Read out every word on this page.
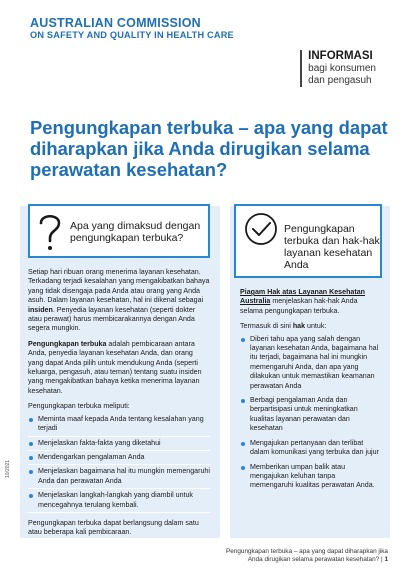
AUSTRALIAN COMMISSION
ON SAFETY AND QUALITY IN HEALTH CARE
INFORMASI
bagi konsumen
dan pengasuh
Pengungkapan terbuka – apa yang dapat diharapkan jika Anda dirugikan selama perawatan kesehatan?
Apa yang dimaksud dengan pengungkapan terbuka?
Pengungkapan terbuka dan hak-hak layanan kesehatan Anda

Setiap hari ribuan orang menerima layanan kesehatan. Terkadang terjadi kesalahan yang mengakibatkan bahaya yang tidak disengaja pada Anda atau orang yang Anda asuh. Dalam layanan kesehatan, hal ini dikenal sebagai insiden. Penyedia layanan kesehatan (seperti dokter atau perawat) harus membicarakannya dengan Anda segera mungkin.

Pengungkapan terbuka adalah pembicaraan antara Anda, penyedia layanan kesehatan Anda, dan orang yang dapat Anda pilih untuk mendukung Anda (seperti keluarga, pengasuh, atau teman) tentang suatu insiden yang mengakibatkan bahaya ketika menerima layanan kesehatan.

Pengungkapan terbuka meliputi:

Meminta maaf kepada Anda tentang kesalahan yang terjadi
Menjelaskan fakta-fakta yang diketahui
Mendengarkan pengalaman Anda
Menjelaskan bagaimana hal itu mungkin memengaruhi Anda dan perawatan Anda
Menjelaskan langkah-langkah yang diambil untuk mencegahnya terulang kembali.

Pengungkapan terbuka dapat berlangsung dalam satu atau beberapa kali pembicaraan.

Piagam Hak atas Layanan Kesehatan Australia menjelaskan hak-hak Anda selama pengungkapan terbuka.

Termasuk di sini hak untuk:

Diberi tahu apa yang salah dengan layanan kesehatan Anda, bagaimana hal itu terjadi, bagaimana hal ini mungkin memengaruhi Anda, dan apa yang dilakukan untuk memastikan keamanan perawatan Anda
Berbagi pengalaman Anda dan berpartisipasi untuk meningkatkan kualitas layanan perawatan dan kesehatan
Mengajukan pertanyaan dan terlibat dalam komunikasi yang terbuka dan jujur
Memberikan umpan balik atau mengajukan keluhan tanpa memengaruhi kualitas perawatan Anda.
10/2021
Pengungkapan terbuka – apa yang dapat diharapkan jika
Anda dirugikan selama perawatan kesehatan? | 1
